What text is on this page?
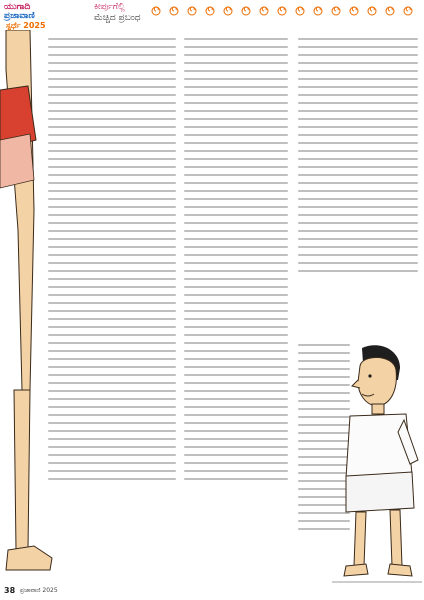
ಯುಗಾದಿ
ಪ್ರಜಾವಾಣಿ
ಸ್ಪರ್ಧೆ 2025
ಕೀರ್ಪುಗೆಲ್ಲಿ
ಮೆಚ್ಚಿದ ಪ್ರಬಂಧ
38 ಪ್ರಜಾವಾಣಿ 2025
